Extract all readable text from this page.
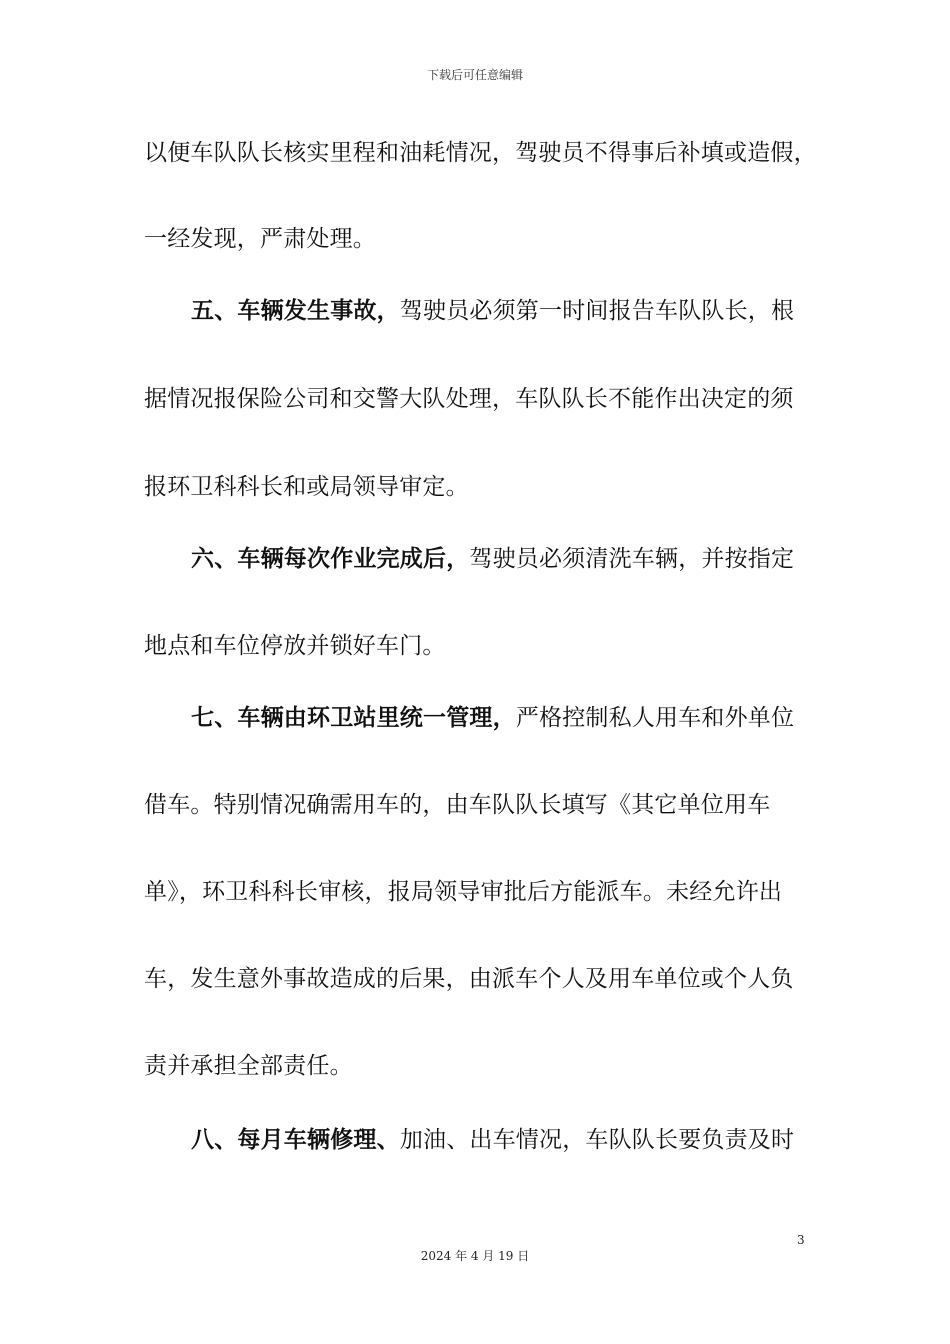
下载后可任意编辑
以便车队队长核实里程和油耗情况，驾驶员不得事后补填或造假，
一经发现，严肃处理。
五、车辆发生事故，驾驶员必须第一时间报告车队队长，根
据情况报保险公司和交警大队处理，车队队长不能作出决定的须
报环卫科科长和或局领导审定。
六、车辆每次作业完成后，驾驶员必须清洗车辆，并按指定
地点和车位停放并锁好车门。
七、车辆由环卫站里统一管理，严格控制私人用车和外单位
借车。特别情况确需用车的，由车队队长填写《其它单位用车
单》，环卫科科长审核，报局领导审批后方能派车。未经允许出
车，发生意外事故造成的后果，由派车个人及用车单位或个人负
责并承担全部责任。
八、每月车辆修理、加油、出车情况，车队队长要负责及时
3
2024 年 4 月 19 日
